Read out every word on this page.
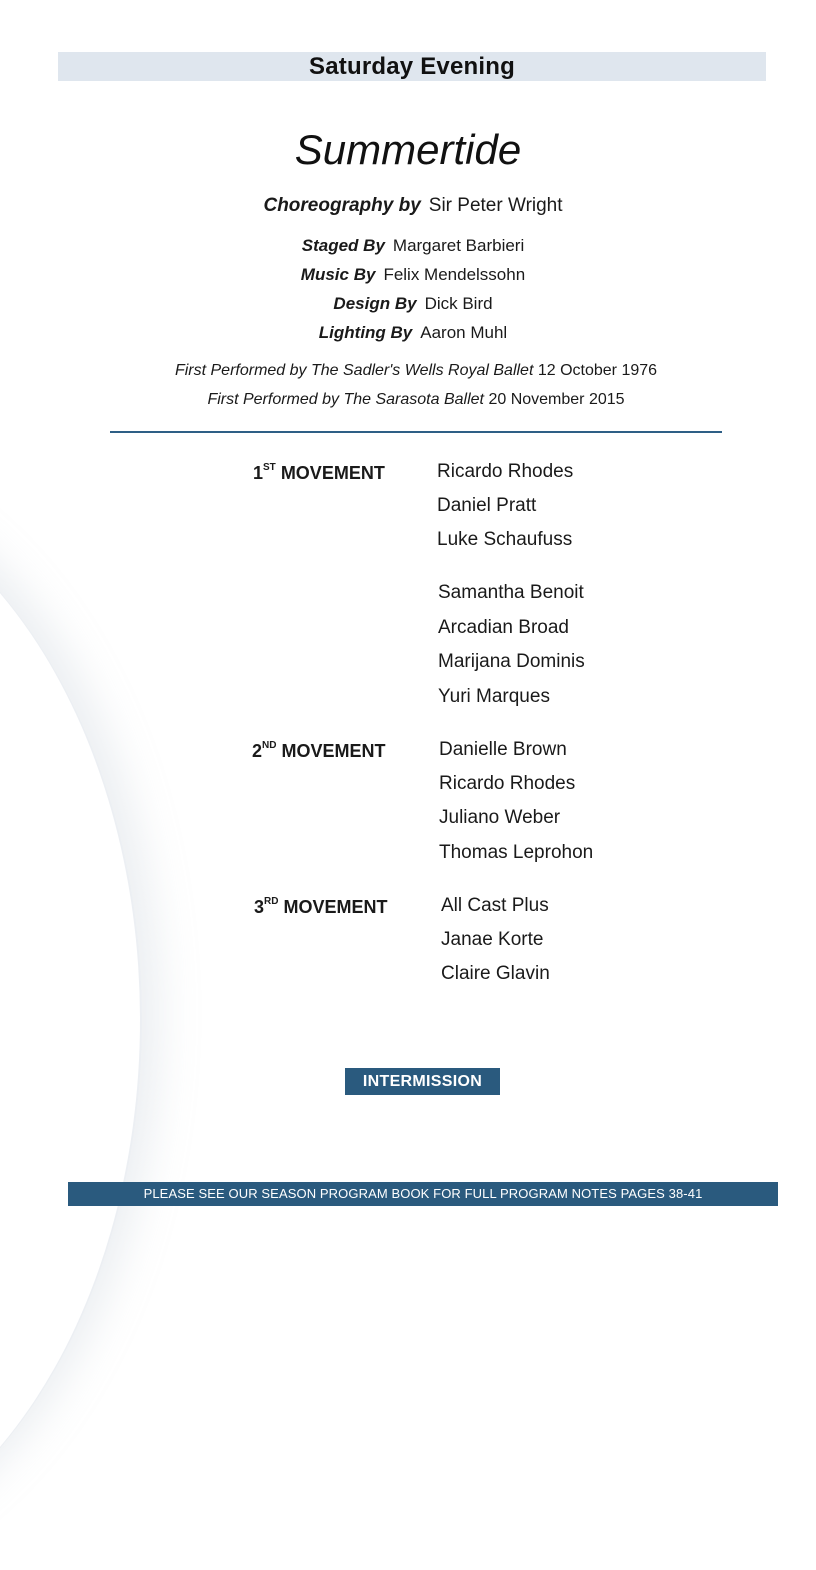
Saturday Evening
Summertide
Choreography by Sir Peter Wright
Staged By Margaret Barbieri
Music By Felix Mendelssohn
Design By Dick Bird
Lighting By Aaron Muhl
First Performed by The Sadler's Wells Royal Ballet 12 October 1976
First Performed by The Sarasota Ballet 20 November 2015
1ST MOVEMENT	Ricardo Rhodes
Daniel Pratt
Luke Schaufuss
Samantha Benoit
Arcadian Broad
Marijana Dominis
Yuri Marques
2ND MOVEMENT	Danielle Brown
Ricardo Rhodes
Juliano Weber
Thomas Leprohon
3RD MOVEMENT	All Cast Plus
Janae Korte
Claire Glavin
INTERMISSION
PLEASE SEE OUR SEASON PROGRAM BOOK FOR FULL PROGRAM NOTES PAGES 38-41
